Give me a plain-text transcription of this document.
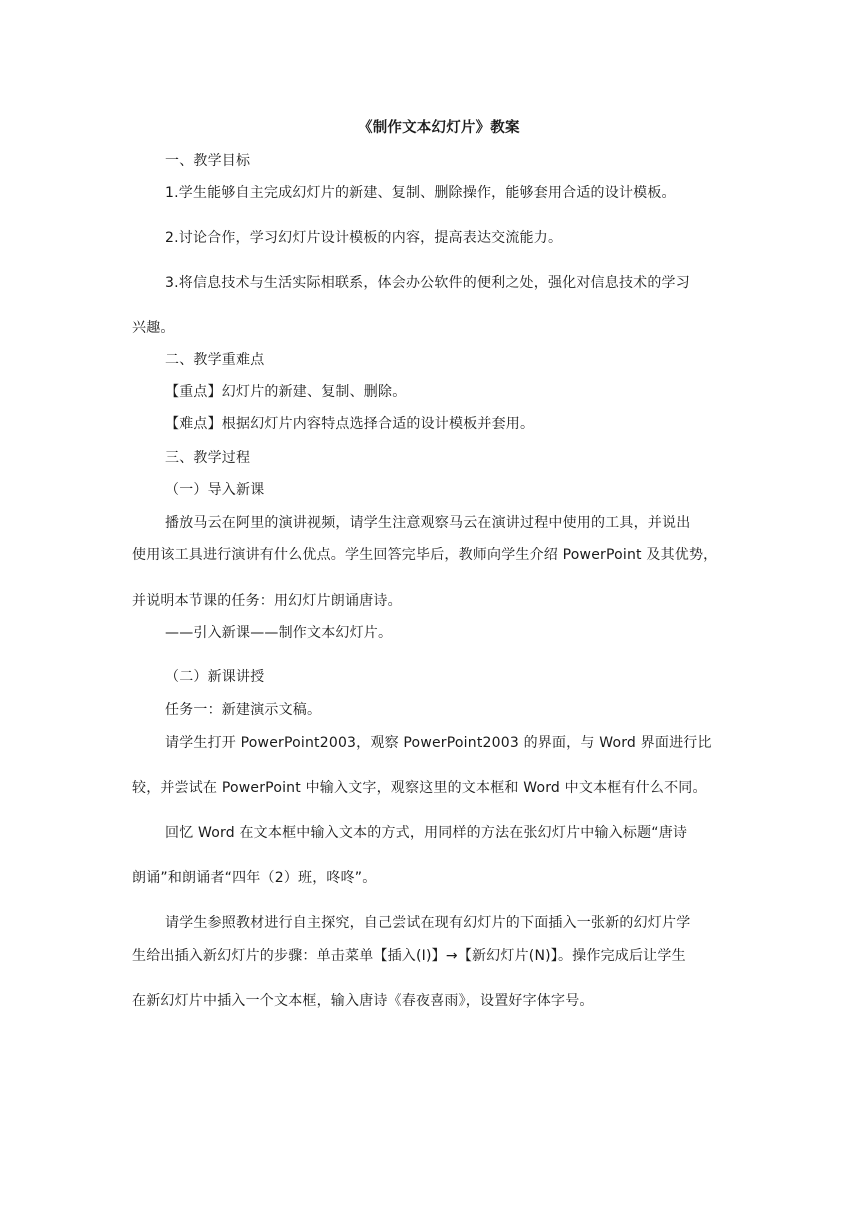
《制作文本幻灯片》教案
一、教学目标
1.学生能够自主完成幻灯片的新建、复制、删除操作，能够套用合适的设计模板。
2.讨论合作，学习幻灯片设计模板的内容，提高表达交流能力。
3.将信息技术与生活实际相联系，体会办公软件的便利之处，强化对信息技术的学习
兴趣。
二、教学重难点
【重点】幻灯片的新建、复制、删除。
【难点】根据幻灯片内容特点选择合适的设计模板并套用。
三、教学过程
（一）导入新课
播放马云在阿里的演讲视频，请学生注意观察马云在演讲过程中使用的工具，并说出
使用该工具进行演讲有什么优点。学生回答完毕后，教师向学生介绍 PowerPoint 及其优势，
并说明本节课的任务：用幻灯片朗诵唐诗。
——引入新课——制作文本幻灯片。
（二）新课讲授
任务一：新建演示文稿。
请学生打开 PowerPoint2003，观察 PowerPoint2003 的界面，与 Word 界面进行比
较，并尝试在 PowerPoint 中输入文字，观察这里的文本框和 Word 中文本框有什么不同。
回忆 Word 在文本框中输入文本的方式，用同样的方法在张幻灯片中输入标题“唐诗
朗诵”和朗诵者“四年（2）班，咚咚”。
请学生参照教材进行自主探究，自己尝试在现有幻灯片的下面插入一张新的幻灯片学
生给出插入新幻灯片的步骤：单击菜单【插入(I)】→【新幻灯片(N)】。操作完成后让学生
在新幻灯片中插入一个文本框，输入唐诗《春夜喜雨》，设置好字体字号。
